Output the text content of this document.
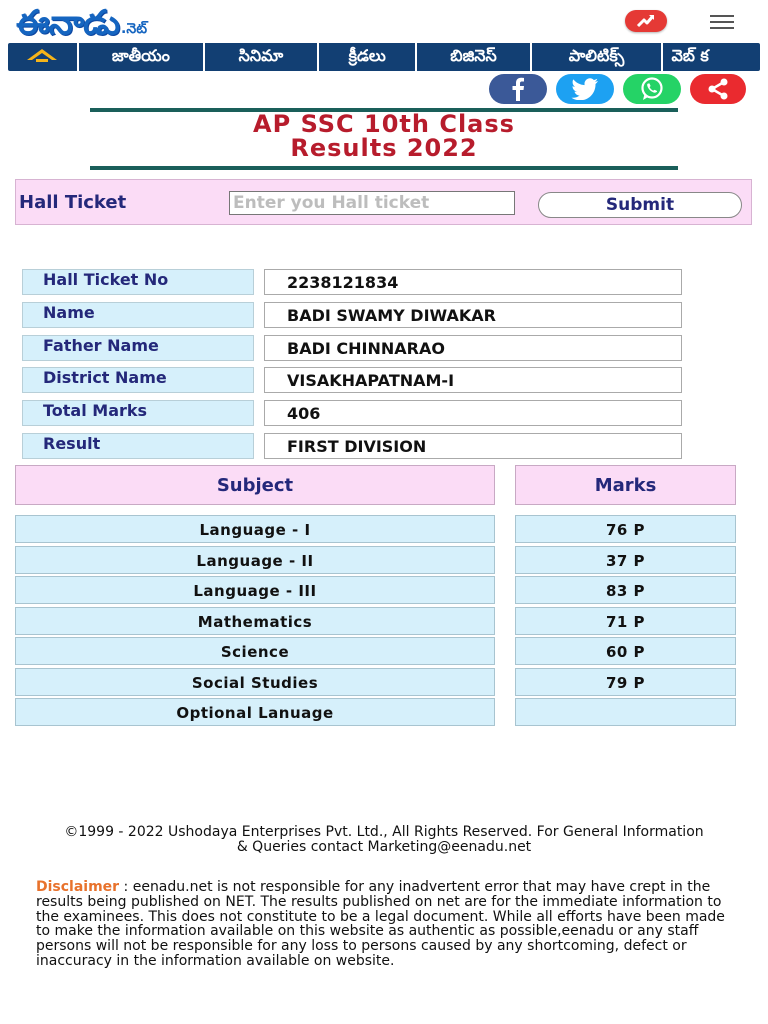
ఈనాడు .నెట్
జాతీయం	సినిమా	క్రీడలు	బిజినెస్	పాలిటిక్స్	వెబ్ క
AP SSC 10th Class
Results 2022
Hall Ticket
Enter you Hall ticket	Submit
Hall Ticket No	2238121834
Name	BADI SWAMY DIWAKAR
Father Name	BADI CHINNARAO
District Name	VISAKHAPATNAM-I
Total Marks	406
Result	FIRST DIVISION
Subject	Marks
Language - I	76 P
Language - II	37 P
Language - III	83 P
Mathematics	71 P
Science	60 P
Social Studies	79 P
Optional Lanuage
©1999 - 2022 Ushodaya Enterprises Pvt. Ltd., All Rights Reserved. For General Information & Queries contact Marketing@eenadu.net
Disclaimer : eenadu.net is not responsible for any inadvertent error that may have crept in the results being published on NET. The results published on net are for the immediate information to the examinees. This does not constitute to be a legal document. While all efforts have been made to make the information available on this website as authentic as possible,eenadu or any staff persons will not be responsible for any loss to persons caused by any shortcoming, defect or inaccuracy in the information available on website.
